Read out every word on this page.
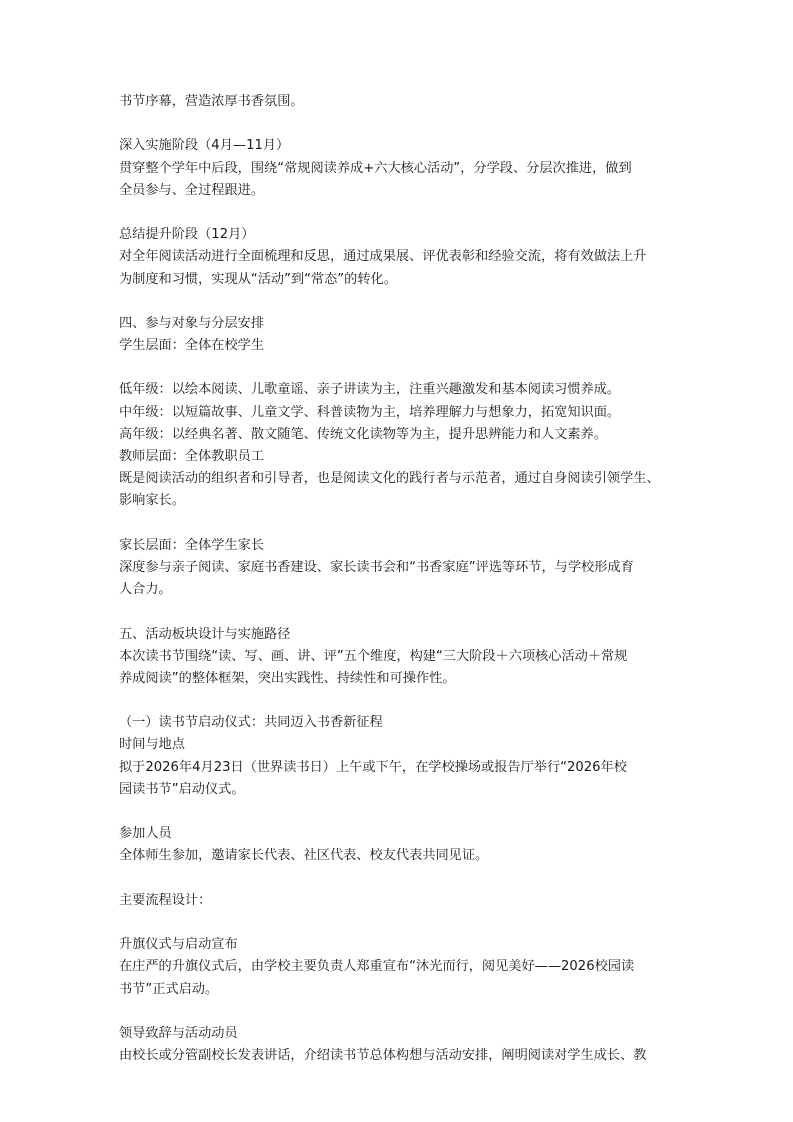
书节序幕，营造浓厚书香氛围。
深入实施阶段（4月—11月）
贯穿整个学年中后段，围绕“常规阅读养成+六大核心活动”，分学段、分层次推进，做到
全员参与、全过程跟进。
总结提升阶段（12月）
对全年阅读活动进行全面梳理和反思，通过成果展、评优表彰和经验交流，将有效做法上升
为制度和习惯，实现从“活动”到“常态”的转化。
四、参与对象与分层安排
学生层面：全体在校学生
低年级：以绘本阅读、儿歌童谣、亲子讲读为主，注重兴趣激发和基本阅读习惯养成。
中年级：以短篇故事、儿童文学、科普读物为主，培养理解力与想象力，拓宽知识面。
高年级：以经典名著、散文随笔、传统文化读物等为主，提升思辨能力和人文素养。
教师层面：全体教职员工
既是阅读活动的组织者和引导者，也是阅读文化的践行者与示范者，通过自身阅读引领学生、
影响家长。
家长层面：全体学生家长
深度参与亲子阅读、家庭书香建设、家长读书会和“书香家庭”评选等环节，与学校形成育
人合力。
五、活动板块设计与实施路径
本次读书节围绕“读、写、画、讲、评”五个维度，构建“三大阶段＋六项核心活动＋常规
养成阅读”的整体框架，突出实践性、持续性和可操作性。
（一）读书节启动仪式：共同迈入书香新征程
时间与地点
拟于2026年4月23日（世界读书日）上午或下午，在学校操场或报告厅举行“2026年校
园读书节”启动仪式。
参加人员
全体师生参加，邀请家长代表、社区代表、校友代表共同见证。
主要流程设计：
升旗仪式与启动宣布
在庄严的升旗仪式后，由学校主要负责人郑重宣布“沐光而行，阅见美好——2026校园读
书节”正式启动。
领导致辞与活动动员
由校长或分管副校长发表讲话，介绍读书节总体构想与活动安排，阐明阅读对学生成长、教
